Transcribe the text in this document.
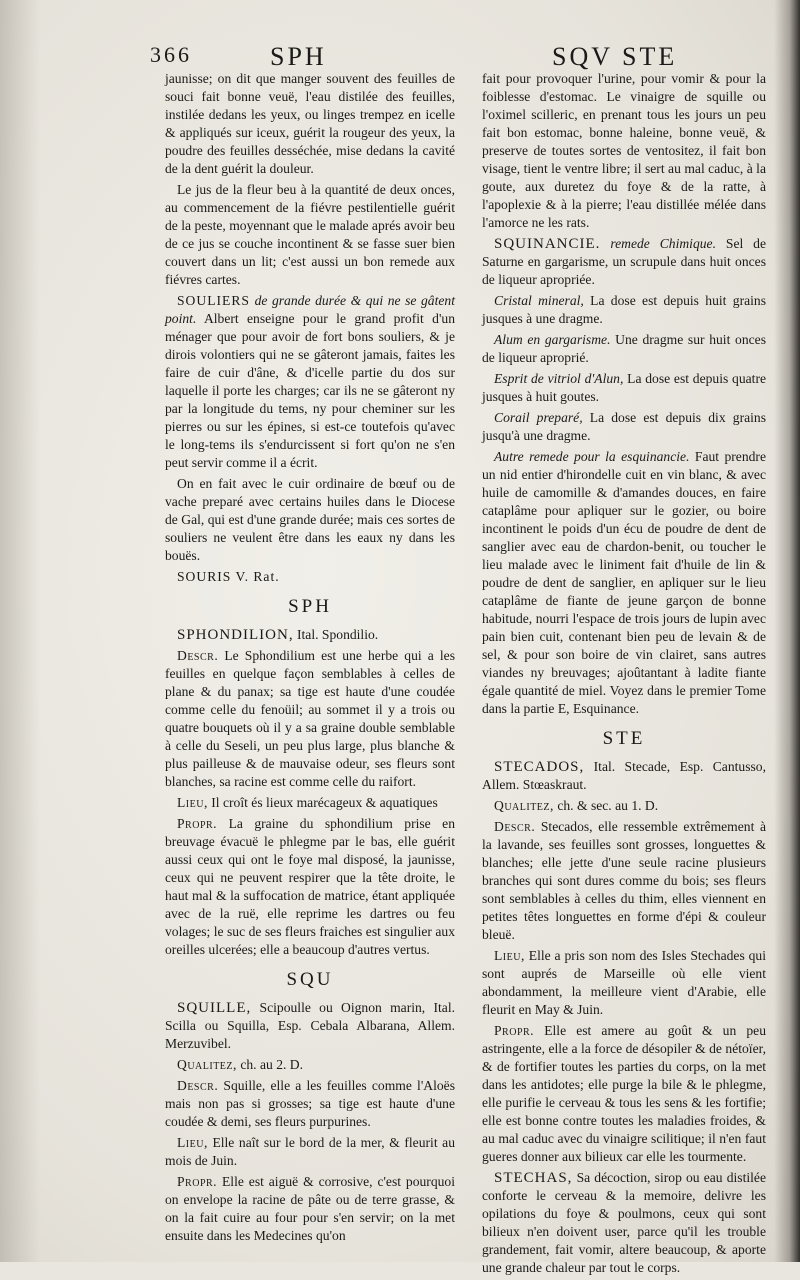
366	SPH	SQV STE

jaunisse; on dit que manger souvent des feuilles de souci fait bonne veuë, l'eau distilée des feuilles, instilée dedans les yeux, ou linges trempez en icelle & appliqués sur iceux, guérit la rougeur des yeux, la poudre des feuilles desséchée, mise dedans la cavité de la dent guérit la douleur.

Le jus de la fleur beu à la quantité de deux onces, au commencement de la fiévre pestilentielle guérit de la peste, moyennant que le malade aprés avoir beu de ce jus se couche incontinent & se fasse suer bien couvert dans un lit; c'est aussi un bon remede aux fiévres cartes.

SOULIERS de grande durée & qui ne se gâtent point. Albert enseigne pour le grand profit d'un ménager que pour avoir de fort bons souliers, & je dirois volontiers qui ne se gâteront jamais, faites les faire de cuir d'âne, & d'icelle partie du dos sur laquelle il porte les charges; car ils ne se gâteront ny par la longitude du tems, ny pour cheminer sur les pierres ou sur les épines, si est-ce toutefois qu'avec le long-tems ils s'endurcissent si fort qu'on ne s'en peut servir comme il a écrit.

On en fait avec le cuir ordinaire de bœuf ou de vache preparé avec certains huiles dans le Diocese de Gal, qui est d'une grande durée; mais ces sortes de souliers ne veulent être dans les eaux ny dans les bouës.

SOURIS V. Rat.

SPH

SPHONDILION, Ital. Spondilio.

Descr. Le Sphondilium est une herbe qui a les feuilles en quelque façon semblables à celles de plane & du panax; sa tige est haute d'une coudée comme celle du fenoüil; au sommet il y a trois ou quatre bouquets où il y a sa graine double semblable à celle du Seseli, un peu plus large, plus blanche & plus pailleuse & de mauvaise odeur, ses fleurs sont blanches, sa racine est comme celle du raifort.

Lieu, Il croît és lieux marécageux & aquatiques

Propr. La graine du sphondilium prise en breuvage évacuë le phlegme par le bas, elle guérit aussi ceux qui ont le foye mal disposé, la jaunisse, ceux qui ne peuvent respirer que la tête droite, le haut mal & la suffocation de matrice, étant appliquée avec de la ruë, elle reprime les dartres ou feu volages; le suc de ses fleurs fraiches est singulier aux oreilles ulcerées; elle a beaucoup d'autres vertus.

SQU

SQUILLE, Scipoulle ou Oignon marin, Ital. Scilla ou Squilla, Esp. Cebala Albarana, Allem. Merzuvibel.

Qualitez, ch. au 2. D.

Descr. Squille, elle a les feuilles comme l'Aloës mais non pas si grosses; sa tige est haute d'une coudée & demi, ses fleurs purpurines.

Lieu, Elle naît sur le bord de la mer, & fleurit au mois de Juin.

Propr. Elle est aiguë & corrosive, c'est pourquoi on envelope la racine de pâte ou de terre grasse, & on la fait cuire au four pour s'en servir; on la met ensuite dans les Medecines qu'on

fait pour provoquer l'urine, pour vomir & pour la foiblesse d'estomac. Le vinaigre de squille ou l'oximel scilleric, en prenant tous les jours un peu fait bon estomac, bonne haleine, bonne veuë, & preserve de toutes sortes de ventositez, il fait bon visage, tient le ventre libre; il sert au mal caduc, à la goute, aux duretez du foye & de la ratte, à l'apoplexie & à la pierre; l'eau distillée mélée dans l'amorce ne les rats.

SQUINANCIE. remede Chimique. Sel de Saturne en gargarisme, un scrupule dans huit onces de liqueur apropriée.

Cristal mineral, La dose est depuis huit grains jusques à une dragme.

Alum en gargarisme. Une dragme sur huit onces de liqueur aproprié.

Esprit de vitriol d'Alun, La dose est depuis quatre jusques à huit goutes.

Corail preparé, La dose est depuis dix grains jusqu'à une dragme.

Autre remede pour la esquinancie. Faut prendre un nid entier d'hirondelle cuit en vin blanc, & avec huile de camomille & d'amandes douces, en faire cataplâme pour apliquer sur le gozier, ou boire incontinent le poids d'un écu de poudre de dent de sanglier avec eau de chardon-benit, ou toucher le lieu malade avec le liniment fait d'huile de lin & poudre de dent de sanglier, en apliquer sur le lieu cataplâme de fiante de jeune garçon de bonne habitude, nourri l'espace de trois jours de lupin avec pain bien cuit, contenant bien peu de levain & de sel, & pour son boire de vin clairet, sans autres viandes ny breuvages; ajoûtantant à ladite fiante égale quantité de miel. Voyez dans le premier Tome dans la partie E, Esquinance.

STE

STECADOS, Ital. Stecade, Esp. Cantusso, Allem. Stœaskraut.

Qualitez, ch. & sec. au 1. D.

Descr. Stecados, elle ressemble extrêmement à la lavande, ses feuilles sont grosses, longuettes & blanches; elle jette d'une seule racine plusieurs branches qui sont dures comme du bois; ses fleurs sont semblables à celles du thim, elles viennent en petites têtes longuettes en forme d'épi & couleur bleuë.

Lieu, Elle a pris son nom des Isles Stechades qui sont auprés de Marseille où elle vient abondamment, la meilleure vient d'Arabie, elle fleurit en May & Juin.

Propr. Elle est amere au goût & un peu astringente, elle a la force de désopiler & de nétoïer, & de fortifier toutes les parties du corps, on la met dans les antidotes; elle purge la bile & le phlegme, elle purifie le cerveau & tous les sens & les fortifie; elle est bonne contre toutes les maladies froides, & au mal caduc avec du vinaigre scilitique; il n'en faut gueres donner aux bilieux car elle les tourmente.

STECHAS, Sa décoction, sirop ou eau distilée conforte le cerveau & la memoire, delivre les opilations du foye & poulmons, ceux qui sont bilieux n'en doivent user, parce qu'il les trouble grandement, fait vomir, altere beaucoup, & aporte une grande chaleur par tout le corps.
